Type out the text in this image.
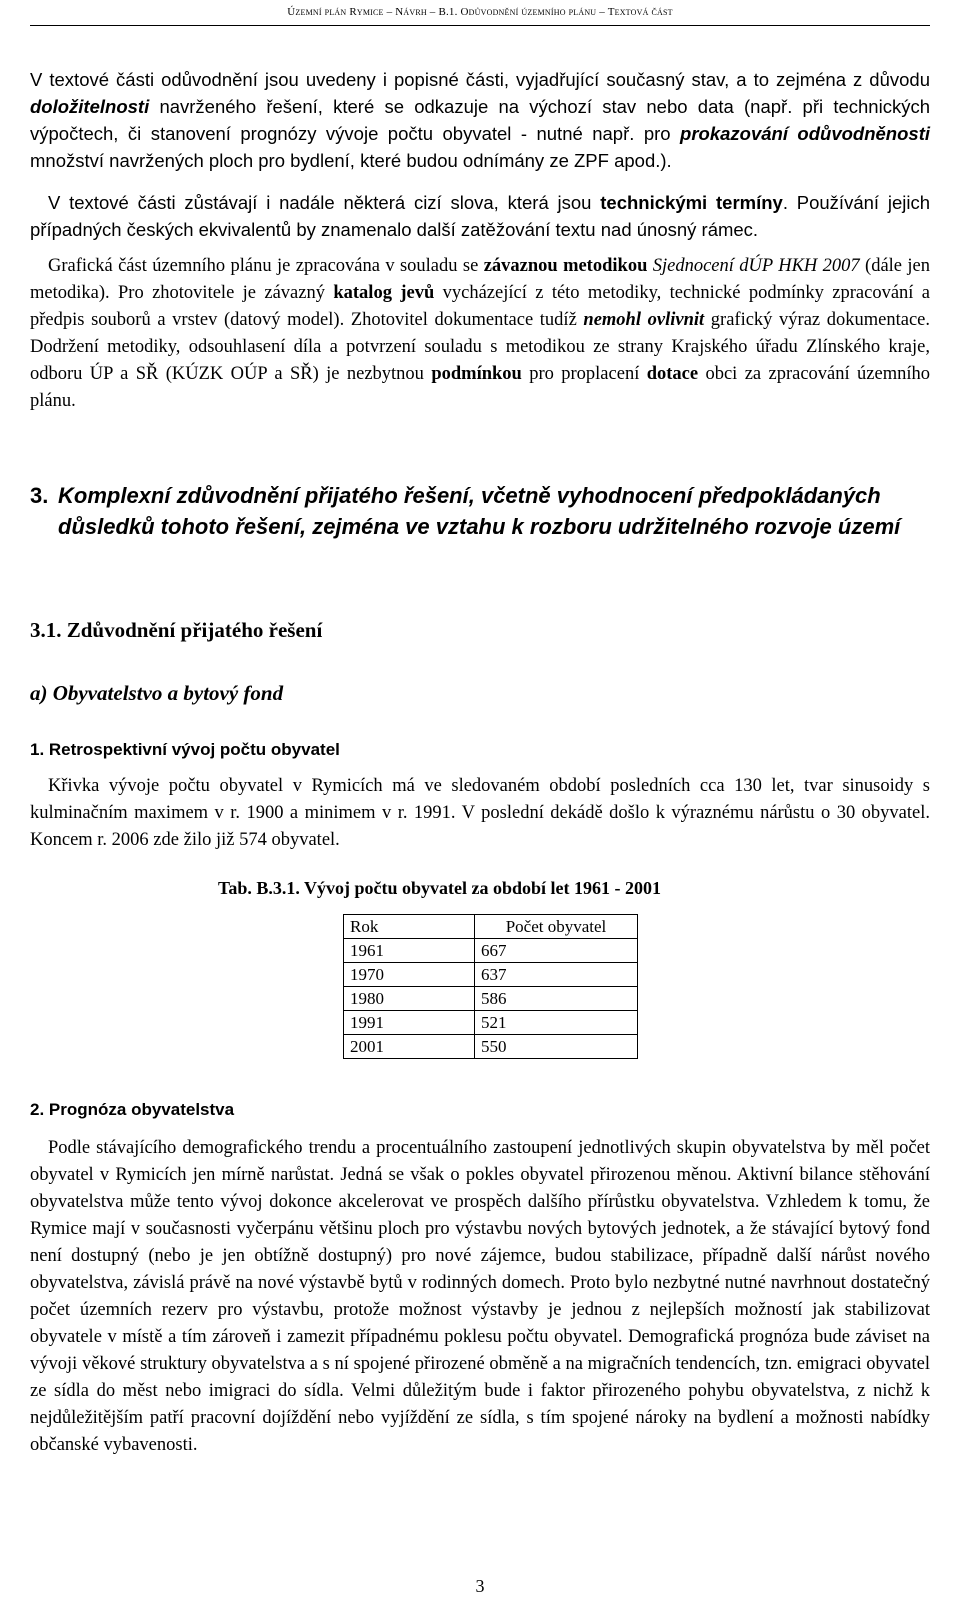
Územní plán Rymice – Návrh – B.1. Odůvodnění územního plánu – Textová část

V textové části odůvodnění jsou uvedeny i popisné části, vyjadřující současný stav, a to zejména z důvodu doložitelnosti navrženého řešení, které se odkazuje na výchozí stav nebo data (např. při technických výpočtech, či stanovení prognózy vývoje počtu obyvatel - nutné např. pro prokazování odůvodněnosti množství navržených ploch pro bydlení, které budou odnímány ze ZPF apod.).

V textové části zůstávají i nadále některá cizí slova, která jsou technickými termíny. Používání jejich případných českých ekvivalentů by znamenalo další zatěžování textu nad únosný rámec.

Grafická část územního plánu je zpracována v souladu se závaznou metodikou Sjednocení dÚP HKH 2007 (dále jen metodika). Pro zhotovitele je závazný katalog jevů vycházející z této metodiky, technické podmínky zpracování a předpis souborů a vrstev (datový model). Zhotovitel dokumentace tudíž nemohl ovlivnit grafický výraz dokumentace. Dodržení metodiky, odsouhlasení díla a potvrzení souladu s metodikou ze strany Krajského úřadu Zlínského kraje, odboru ÚP a SŘ (KÚZK OÚP a SŘ) je nezbytnou podmínkou pro proplacení dotace obci za zpracování územního plánu.

3. Komplexní zdůvodnění přijatého řešení, včetně vyhodnocení předpokládaných důsledků tohoto řešení, zejména ve vztahu k rozboru udržitelného rozvoje území
3.1. Zdůvodnění přijatého řešení
a) Obyvatelstvo a bytový fond
1. Retrospektivní vývoj počtu obyvatel

Křivka vývoje počtu obyvatel v Rymicích má ve sledovaném období posledních cca 130 let, tvar sinusoidy s kulminačním maximem v r. 1900 a minimem v r. 1991. V poslední dekádě došlo k výraznému nárůstu o 30 obyvatel. Koncem r. 2006 zde žilo již 574 obyvatel.

Tab. B.3.1. Vývoj počtu obyvatel za období let 1961 - 2001

Rok	Počet obyvatel
1961	667
1970	637
1980	586
1991	521
2001	550
2. Prognóza obyvatelstva

Podle stávajícího demografického trendu a procentuálního zastoupení jednotlivých skupin obyvatelstva by měl počet obyvatel v Rymicích jen mírně narůstat. Jedná se však o pokles obyvatel přirozenou měnou. Aktivní bilance stěhování obyvatelstva může tento vývoj dokonce akcelerovat ve prospěch dalšího přírůstku obyvatelstva. Vzhledem k tomu, že Rymice mají v současnosti vyčerpánu většinu ploch pro výstavbu nových bytových jednotek, a že stávající bytový fond není dostupný (nebo je jen obtížně dostupný) pro nové zájemce, budou stabilizace, případně další nárůst nového obyvatelstva, závislá právě na nové výstavbě bytů v rodinných domech. Proto bylo nezbytné nutné navrhnout dostatečný počet územních rezerv pro výstavbu, protože možnost výstavby je jednou z nejlepších možností jak stabilizovat obyvatele v místě a tím zároveň i zamezit případnému poklesu počtu obyvatel. Demografická prognóza bude záviset na vývoji věkové struktury obyvatelstva a s ní spojené přirozené obměně a na migračních tendencích, tzn. emigraci obyvatel ze sídla do měst nebo imigraci do sídla. Velmi důležitým bude i faktor přirozeného pohybu obyvatelstva, z nichž k nejdůležitějším patří pracovní dojíždění nebo vyjíždění ze sídla, s tím spojené nároky na bydlení a možnosti nabídky občanské vybavenosti.

3
